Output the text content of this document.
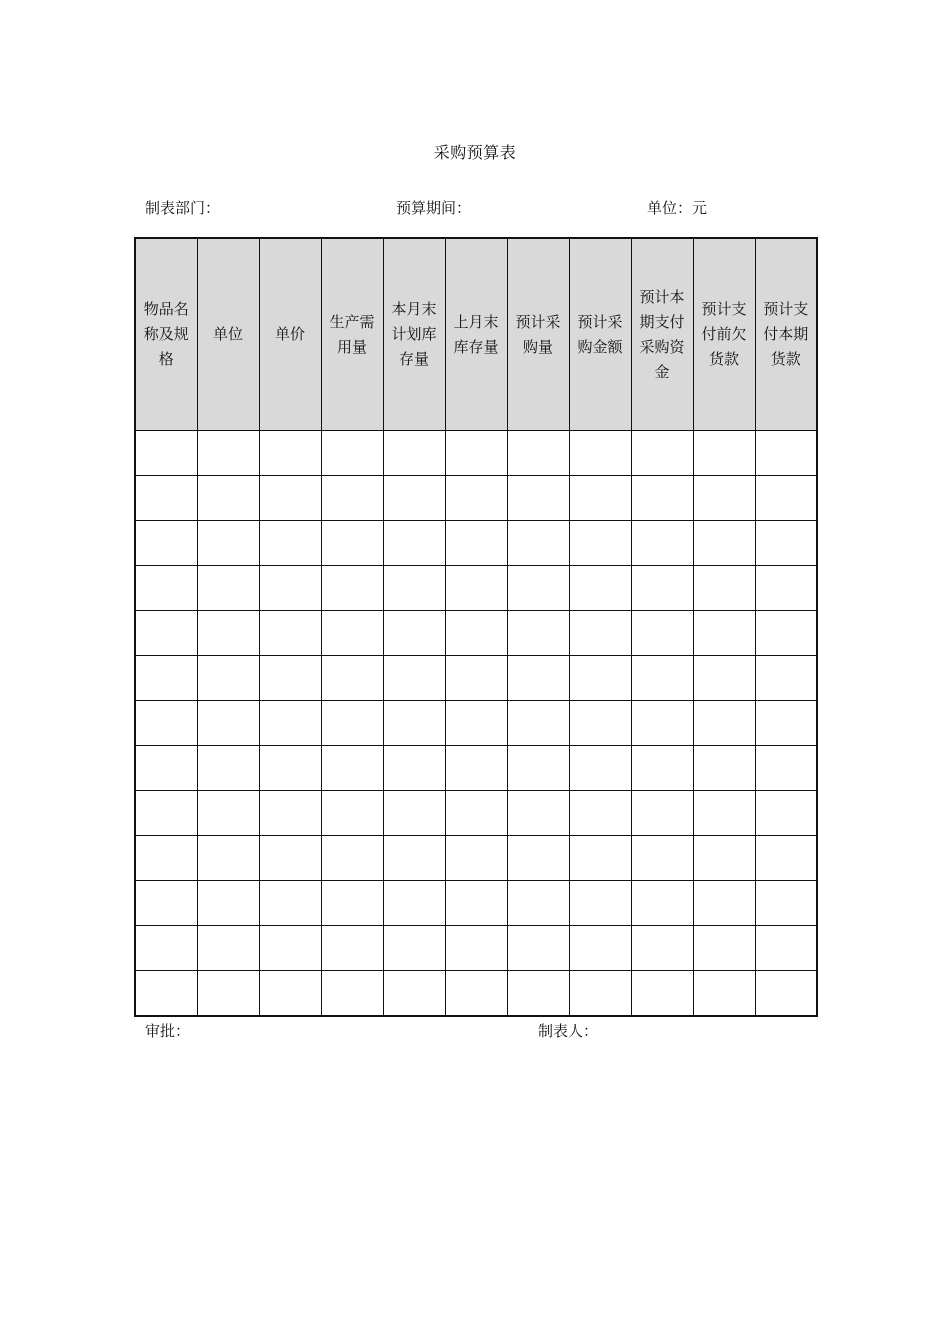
采购预算表
制表部门：	预算期间：	单位：元
物品名称及规格	单位	单价	生产需用量	本月末计划库存量	上月末库存量	预计采购量	预计采购金额	预计本期支付采购资金	预计支付前欠货款	预计支付本期货款

审批：	制表人：
